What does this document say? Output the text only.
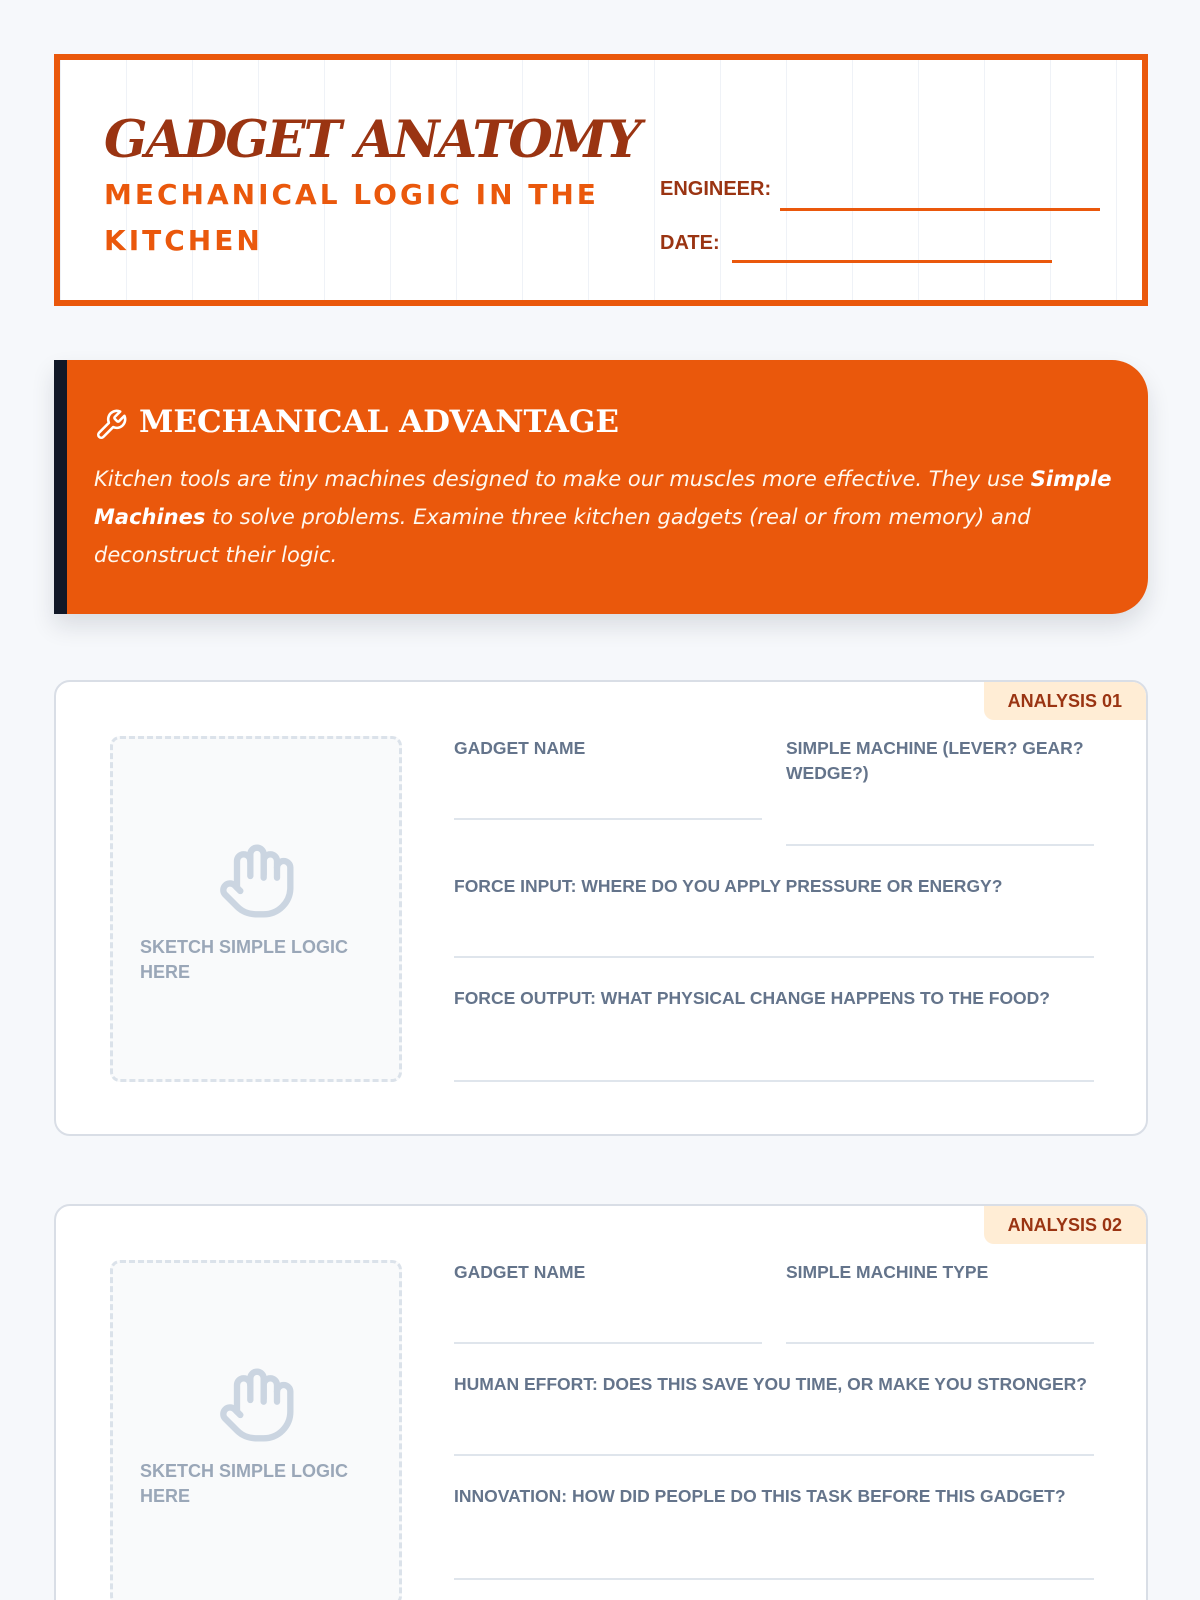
GADGET ANATOMY
MECHANICAL LOGIC IN THE KITCHEN
ENGINEER:
DATE:
MECHANICAL ADVANTAGE
Kitchen tools are tiny machines designed to make our muscles more effective. They use Simple Machines to solve problems. Examine three kitchen gadgets (real or from memory) and deconstruct their logic.
ANALYSIS 01
SKETCH SIMPLE LOGIC HERE
GADGET NAME	SIMPLE MACHINE (LEVER? GEAR? WEDGE?)
FORCE INPUT: WHERE DO YOU APPLY PRESSURE OR ENERGY?
FORCE OUTPUT: WHAT PHYSICAL CHANGE HAPPENS TO THE FOOD?
ANALYSIS 02
SKETCH SIMPLE LOGIC HERE
GADGET NAME	SIMPLE MACHINE TYPE
HUMAN EFFORT: DOES THIS SAVE YOU TIME, OR MAKE YOU STRONGER?
INNOVATION: HOW DID PEOPLE DO THIS TASK BEFORE THIS GADGET?
